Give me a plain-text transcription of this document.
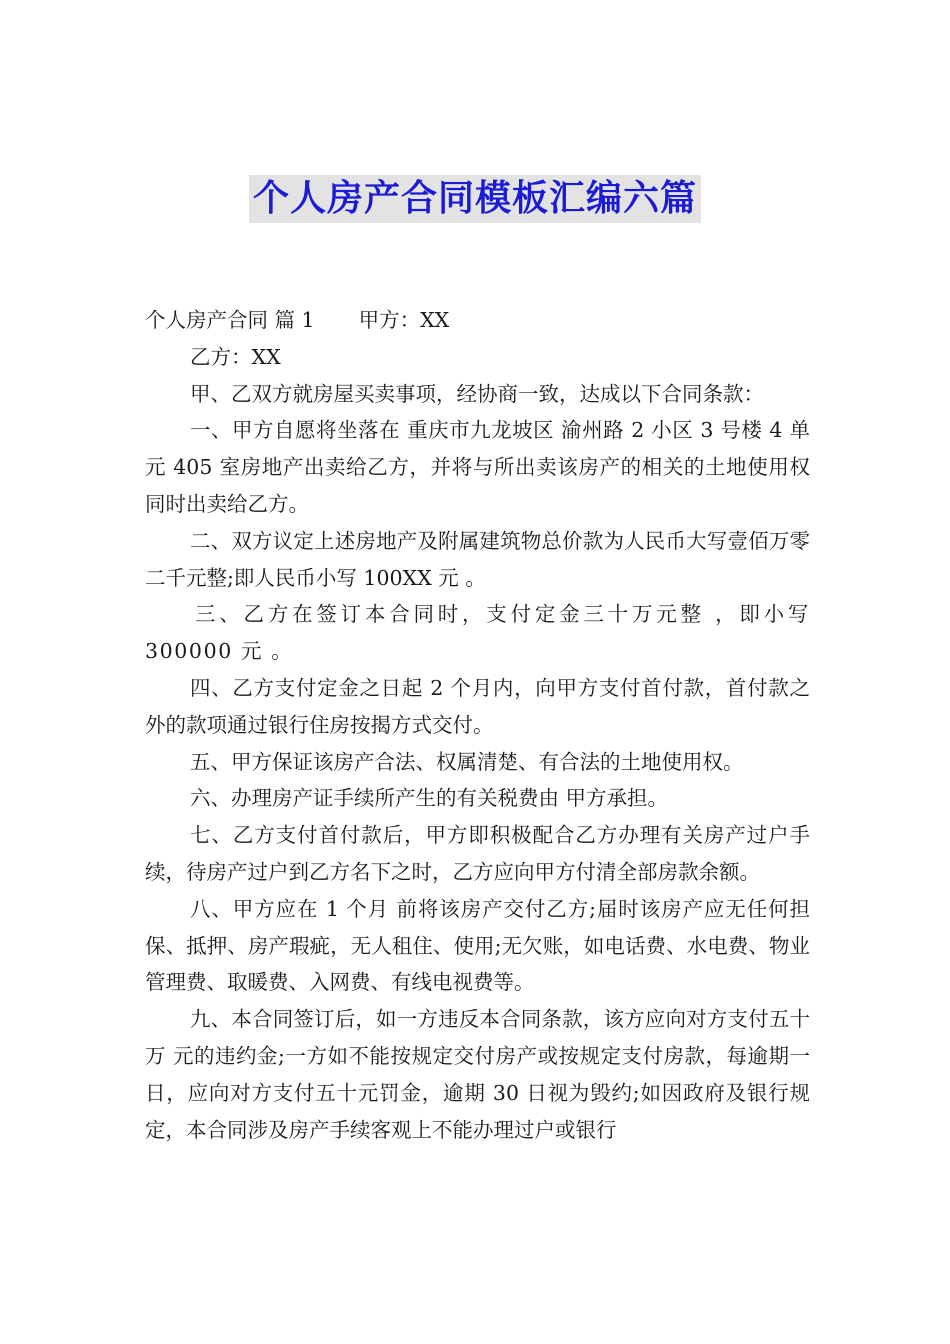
个人房产合同模板汇编六篇

个人房产合同 篇 1 甲方：XX

乙方：XX

甲、乙双方就房屋买卖事项，经协商一致，达成以下合同条款：

一、甲方自愿将坐落在 重庆市九龙坡区 渝州路 2 小区 3 号楼 4 单元 405 室房地产出卖给乙方，并将与所出卖该房产的相关的土地使用权同时出卖给乙方。

二、双方议定上述房地产及附属建筑物总价款为人民币大写壹佰万零二千元整;即人民币小写 100XX 元 。

三、乙方在签订本合同时，支付定金三十万元整 ，即小写 300000 元 。

四、乙方支付定金之日起 2 个月内，向甲方支付首付款，首付款之外的款项通过银行住房按揭方式交付。

五、甲方保证该房产合法、权属清楚、有合法的土地使用权。

六、办理房产证手续所产生的有关税费由 甲方承担。

七、乙方支付首付款后，甲方即积极配合乙方办理有关房产过户手续，待房产过户到乙方名下之时，乙方应向甲方付清全部房款余额。

八、甲方应在 1 个月 前将该房产交付乙方;届时该房产应无任何担保、抵押、房产瑕疵，无人租住、使用;无欠账，如电话费、水电费、物业管理费、取暖费、入网费、有线电视费等。

九、本合同签订后，如一方违反本合同条款，该方应向对方支付五十万 元的违约金;一方如不能按规定交付房产或按规定支付房款，每逾期一日，应向对方支付五十元罚金，逾期 30 日视为毁约;如因政府及银行规定，本合同涉及房产手续客观上不能办理过户或银行
